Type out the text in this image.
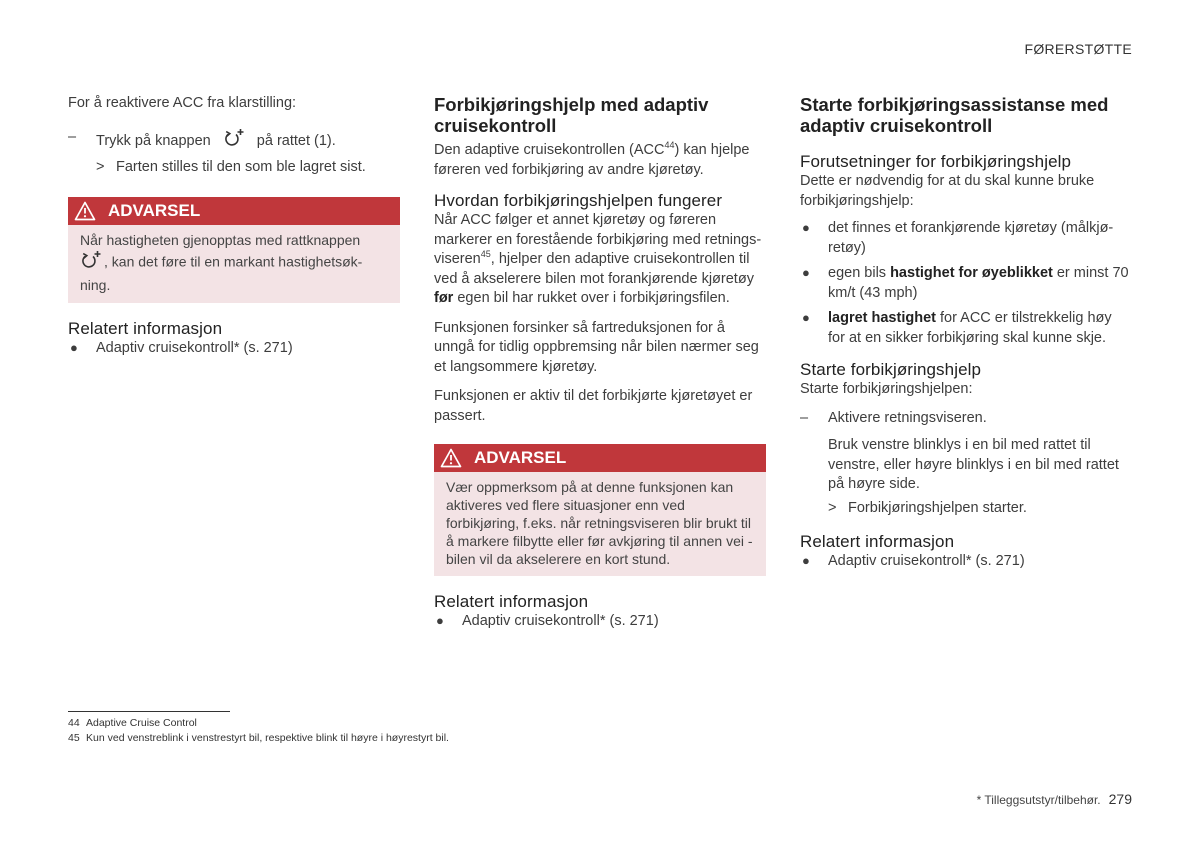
FØRERSTØTTE

For å reaktivere ACC fra klarstilling:

– Trykk på knappen	på rattet (1).
> Farten stilles til den som ble lagret sist.
ADVARSEL
Når hastigheten gjenopptas med rattknappen
, kan det føre til en markant hastighetsøk-ning.
Relatert informasjon
● Adaptiv cruisekontroll* (s. 271)
Forbikjøringshjelp med adaptiv cruisekontroll

Den adaptive cruisekontrollen (ACC$^{44}$) kan hjelpe føreren ved forbikjøring av andre kjøretøy.

Hvordan forbikjøringshjelpen fungerer

Når ACC følger et annet kjøretøy og føreren markerer en forestående forbikjøring med retnings-viseren$^{45}$, hjelper den adaptive cruisekontrollen til ved å akselerere bilen mot forankjørende kjøretøy før egen bil har rukket over i forbikjøringsfilen.

Funksjonen forsinker så fartreduksjonen for å unngå for tidlig oppbremsing når bilen nærmer seg et langsommere kjøretøy.

Funksjonen er aktiv til det forbikjørte kjøretøyet er passert.

ADVARSEL
Vær oppmerksom på at denne funksjonen kan aktiveres ved flere situasjoner enn ved forbikjøring, f.eks. når retningsviseren blir brukt til å markere filbytte eller før avkjøring til annen vei - bilen vil da akselerere en kort stund.
Relatert informasjon
● Adaptiv cruisekontroll* (s. 271)
Starte forbikjøringsassistanse med adaptiv cruisekontroll
Forutsetninger for forbikjøringshjelp

Dette er nødvendig for at du skal kunne bruke forbikjøringshjelp:

● det finnes et forankjørende kjøretøy (målkjø-retøy)
● egen bils hastighet for øyeblikket er minst 70 km/t (43 mph)
● lagret hastighet for ACC er tilstrekkelig høy for at en sikker forbikjøring skal kunne skje.
Starte forbikjøringshjelp

Starte forbikjøringshjelpen:

– Aktivere retningsviseren.

Bruk venstre blinklys i en bil med rattet til venstre, eller høyre blinklys i en bil med rattet på høyre side.

> Forbikjøringshjelpen starter.
Relatert informasjon
● Adaptiv cruisekontroll* (s. 271)
44 Adaptive Cruise Control
45 Kun ved venstreblink i venstrestyrt bil, respektive blink til høyre i høyrestyrt bil.
* Tilleggsutstyr/tilbehør. 279
